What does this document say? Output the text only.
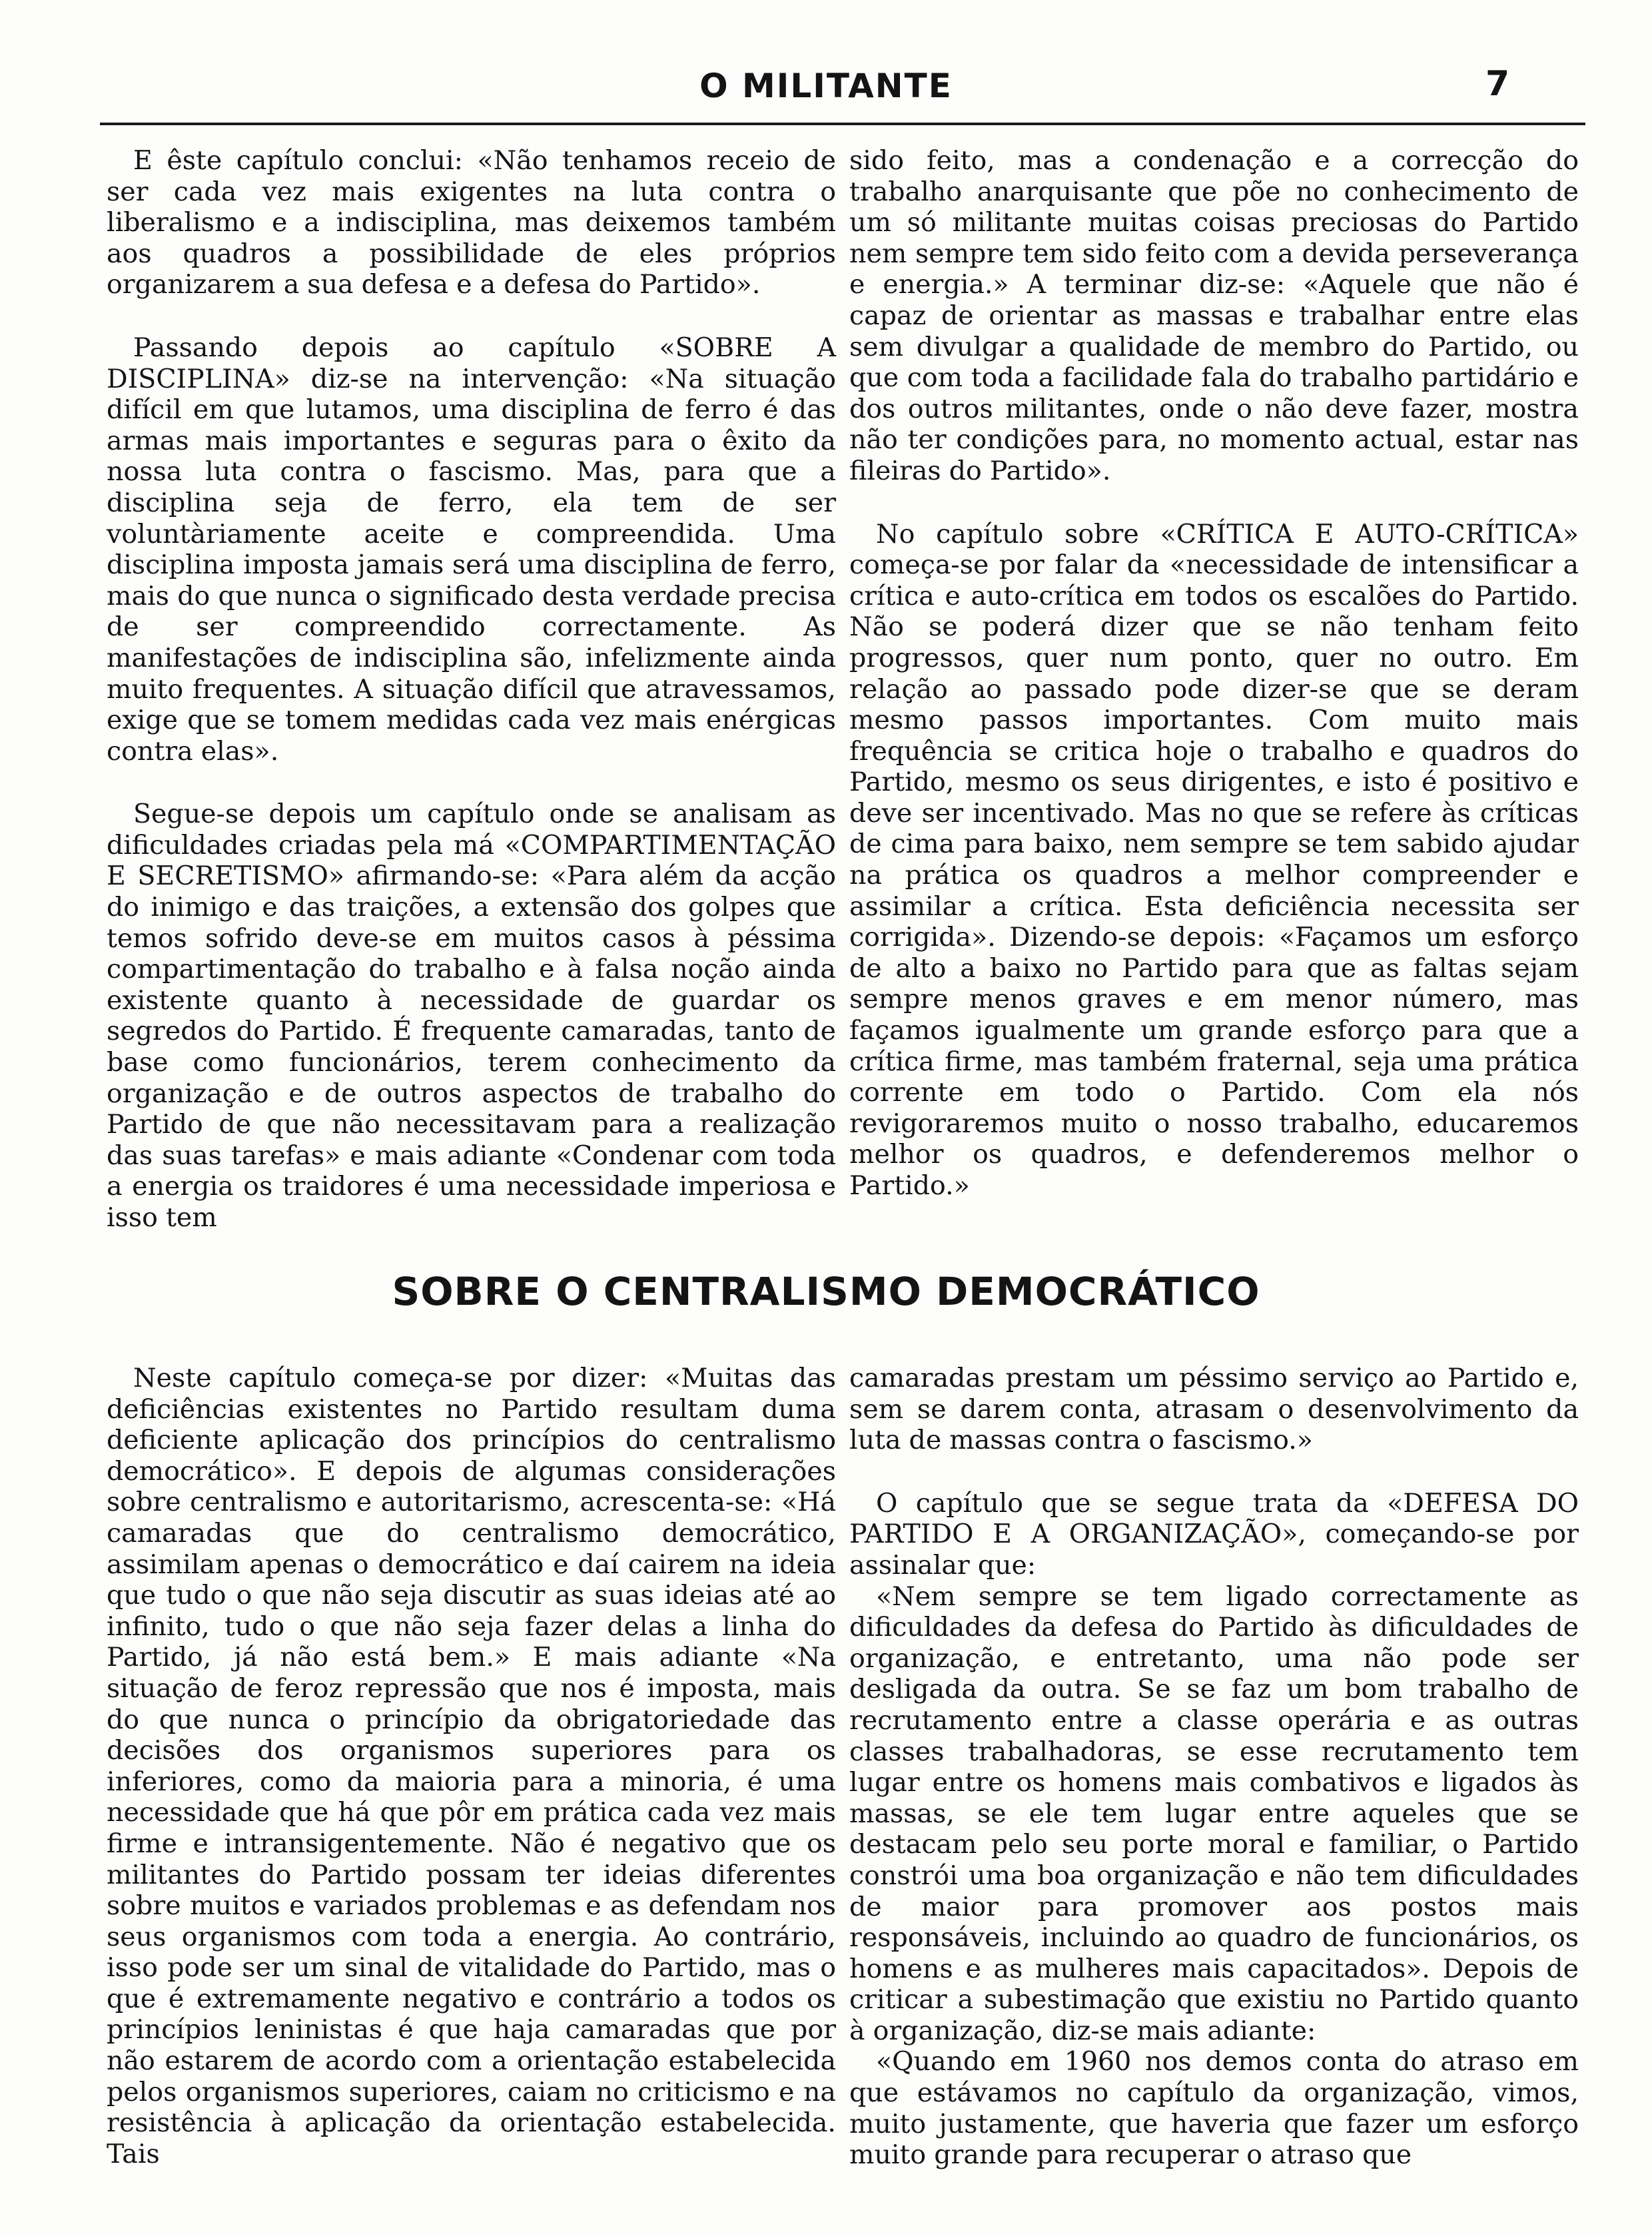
O MILITANTE	7

E êste capítulo conclui: «Não tenhamos receio de ser cada vez mais exigentes na luta contra o liberalismo e a indisciplina, mas deixemos também aos quadros a possibilidade de eles próprios organizarem a sua defesa e a defesa do Partido».

Passando depois ao capítulo «SOBRE A DISCIPLINA» diz-se na intervenção: «Na situação difícil em que lutamos, uma disciplina de ferro é das armas mais importantes e seguras para o êxito da nossa luta contra o fascismo. Mas, para que a disciplina seja de ferro, ela tem de ser voluntàriamente aceite e compreendida. Uma disciplina imposta jamais será uma disciplina de ferro, mais do que nunca o significado desta verdade precisa de ser compreendido correctamente. As manifestações de indisciplina são, infelizmente ainda muito frequentes. A situação difícil que atravessamos, exige que se tomem medidas cada vez mais enérgicas contra elas».

Segue-se depois um capítulo onde se analisam as dificuldades criadas pela má «COMPARTIMENTAÇÃO E SECRETISMO» afirmando-se: «Para além da acção do inimigo e das traições, a extensão dos golpes que temos sofrido deve-se em muitos casos à péssima compartimentação do trabalho e à falsa noção ainda existente quanto à necessidade de guardar os segredos do Partido. É frequente camaradas, tanto de base como funcionários, terem conhecimento da organização e de outros aspectos de trabalho do Partido de que não necessitavam para a realização das suas tarefas» e mais adiante «Condenar com toda a energia os traidores é uma necessidade imperiosa e isso tem

sido feito, mas a condenação e a correcção do trabalho anarquisante que põe no conhecimento de um só militante muitas coisas preciosas do Partido nem sempre tem sido feito com a devida perseverança e energia.» A terminar diz-se: «Aquele que não é capaz de orientar as massas e trabalhar entre elas sem divulgar a qualidade de membro do Partido, ou que com toda a facilidade fala do trabalho partidário e dos outros militantes, onde o não deve fazer, mostra não ter condições para, no momento actual, estar nas fileiras do Partido».

No capítulo sobre «CRÍTICA E AUTO-CRÍTICA» começa-se por falar da «necessidade de intensificar a crítica e auto-crítica em todos os escalões do Partido. Não se poderá dizer que se não tenham feito progressos, quer num ponto, quer no outro. Em relação ao passado pode dizer-se que se deram mesmo passos importantes. Com muito mais frequência se critica hoje o trabalho e quadros do Partido, mesmo os seus dirigentes, e isto é positivo e deve ser incentivado. Mas no que se refere às críticas de cima para baixo, nem sempre se tem sabido ajudar na prática os quadros a melhor compreender e assimilar a crítica. Esta deficiência necessita ser corrigida». Dizendo-se depois: «Façamos um esforço de alto a baixo no Partido para que as faltas sejam sempre menos graves e em menor número, mas façamos igualmente um grande esforço para que a crítica firme, mas também fraternal, seja uma prática corrente em todo o Partido. Com ela nós revigoraremos muito o nosso trabalho, educaremos melhor os quadros, e defenderemos melhor o Partido.»

SOBRE O CENTRALISMO DEMOCRÁTICO

Neste capítulo começa-se por dizer: «Muitas das deficiências existentes no Partido resultam duma deficiente aplicação dos princípios do centralismo democrático». E depois de algumas considerações sobre centralismo e autoritarismo, acrescenta-se: «Há camaradas que do centralismo democrático, assimilam apenas o democrático e daí cairem na ideia que tudo o que não seja discutir as suas ideias até ao infinito, tudo o que não seja fazer delas a linha do Partido, já não está bem.» E mais adiante «Na situação de feroz repressão que nos é imposta, mais do que nunca o princípio da obrigatoriedade das decisões dos organismos superiores para os inferiores, como da maioria para a minoria, é uma necessidade que há que pôr em prática cada vez mais firme e intransigentemente. Não é negativo que os militantes do Partido possam ter ideias diferentes sobre muitos e variados problemas e as defendam nos seus organismos com toda a energia. Ao contrário, isso pode ser um sinal de vitalidade do Partido, mas o que é extremamente negativo e contrário a todos os princípios leninistas é que haja camaradas que por não estarem de acordo com a orientação estabelecida pelos organismos superiores, caiam no criticismo e na resistência à aplicação da orientação estabelecida. Tais

camaradas prestam um péssimo serviço ao Partido e, sem se darem conta, atrasam o desenvolvimento da luta de massas contra o fascismo.»

O capítulo que se segue trata da «DEFESA DO PARTIDO E A ORGANIZAÇÃO», começando-se por assinalar que:

«Nem sempre se tem ligado correctamente as dificuldades da defesa do Partido às dificuldades de organização, e entretanto, uma não pode ser desligada da outra. Se se faz um bom trabalho de recrutamento entre a classe operária e as outras classes trabalhadoras, se esse recrutamento tem lugar entre os homens mais combativos e ligados às massas, se ele tem lugar entre aqueles que se destacam pelo seu porte moral e familiar, o Partido constrói uma boa organização e não tem dificuldades de maior para promover aos postos mais responsáveis, incluindo ao quadro de funcionários, os homens e as mulheres mais capacitados». Depois de criticar a subestimação que existiu no Partido quanto à organização, diz-se mais adiante:

«Quando em 1960 nos demos conta do atraso em que estávamos no capítulo da organização, vimos, muito justamente, que haveria que fazer um esforço muito grande para recuperar o atraso que
